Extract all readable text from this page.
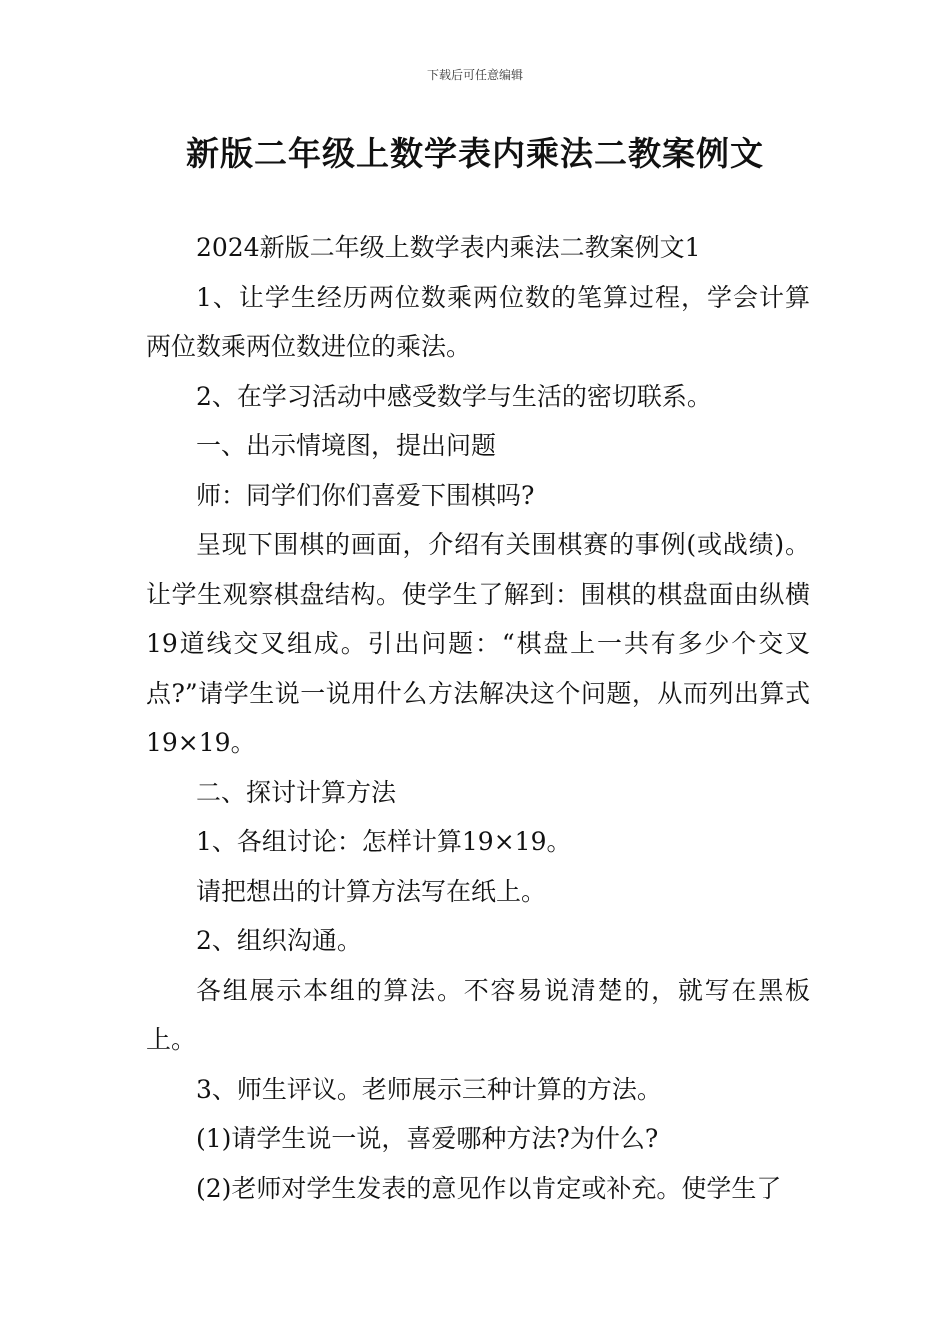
下载后可任意编辑
新版二年级上数学表内乘法二教案例文

2024新版二年级上数学表内乘法二教案例文1

1、让学生经历两位数乘两位数的笔算过程，学会计算两位数乘两位数进位的乘法。

2、在学习活动中感受数学与生活的密切联系。

一、出示情境图，提出问题

师：同学们你们喜爱下围棋吗?

呈现下围棋的画面，介绍有关围棋赛的事例(或战绩)。让学生观察棋盘结构。使学生了解到：围棋的棋盘面由纵横19道线交叉组成。引出问题：“棋盘上一共有多少个交叉点?”请学生说一说用什么方法解决这个问题，从而列出算式19×19。

二、探讨计算方法

1、各组讨论：怎样计算19×19。

请把想出的计算方法写在纸上。

2、组织沟通。

各组展示本组的算法。不容易说清楚的，就写在黑板上。

3、师生评议。老师展示三种计算的方法。

(1)请学生说一说，喜爱哪种方法?为什么?

(2)老师对学生发表的意见作以肯定或补充。使学生了
